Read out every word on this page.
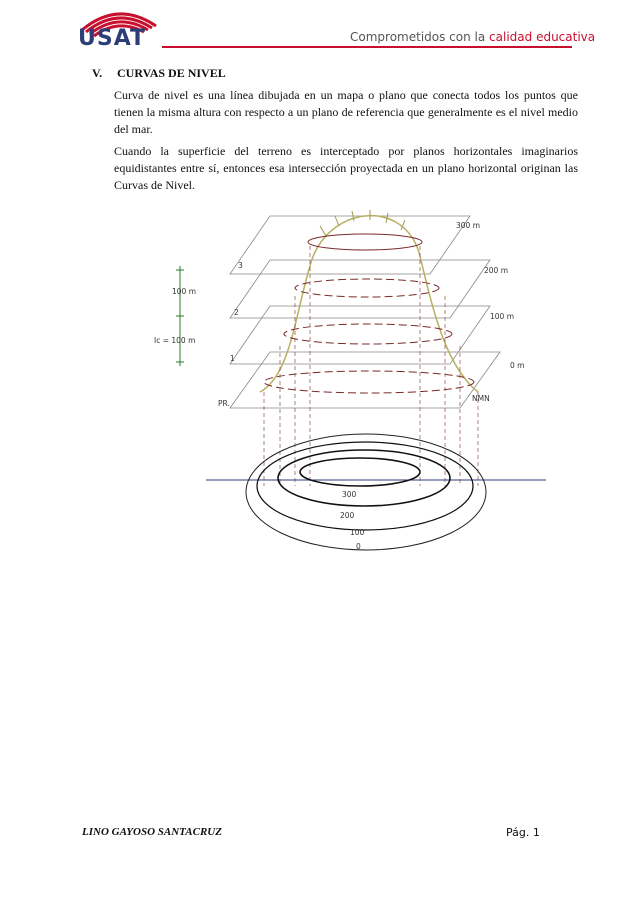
USAT	Comprometidos con la calidad educativa
V. CURVAS DE NIVEL
Curva de nivel es una línea dibujada en un mapa o plano que conecta todos los puntos que tienen la misma altura con respecto a un plano de referencia que generalmente es el nivel medio del mar.
Cuando la superficie del terreno es interceptado por planos horizontales imaginarios equidistantes entre sí, entonces esa intersección proyectada en un plano horizontal originan las Curvas de Nivel.
3
2
1
PR.
300 m
200 m
100 m
0 m
NMN
100 m
Ic = 100 m
300
200
100
0
LINO GAYOSO SANTACRUZ	Pág. 1
